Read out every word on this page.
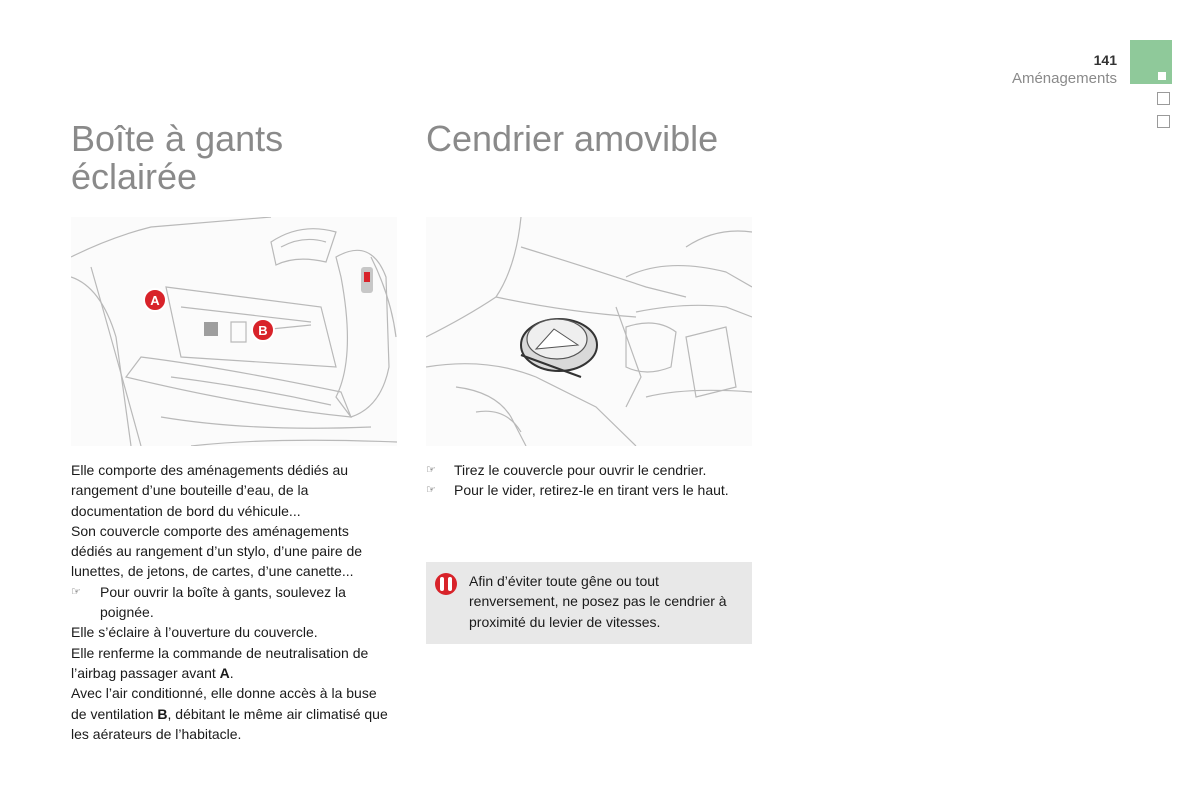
141
Aménagements
Boîte à gants éclairée
Cendrier amovible
A
B

Elle comporte des aménagements dédiés au rangement d’une bouteille d’eau, de la documentation de bord du véhicule...

Son couvercle comporte des aménagements dédiés au rangement d’un stylo, d’une paire de lunettes, de jetons, de cartes, d’une canette...

☞ Pour ouvrir la boîte à gants, soulevez la poignée.

Elle s’éclaire à l’ouverture du couvercle.

Elle renferme la commande de neutralisation de l’airbag passager avant A.

Avec l’air conditionné, elle donne accès à la buse de ventilation B, débitant le même air climatisé que les aérateurs de l’habitacle.

☞ Tirez le couvercle pour ouvrir le cendrier.

☞ Pour le vider, retirez-le en tirant vers le haut.

Afin d’éviter toute gêne ou tout renversement, ne posez pas le cendrier à proximité du levier de vitesses.
